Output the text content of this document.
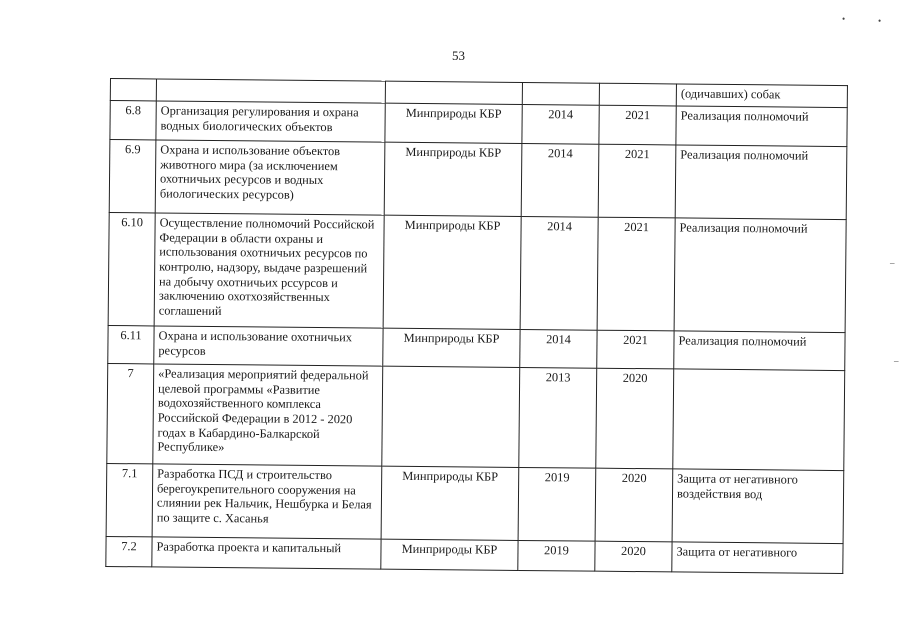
53
•	•
–
–
					(одичавших) собак
6.8	Организация регулирования и охрана водных биологических объектов	Минприроды КБР	2014	2021	Реализация полномочий
6.9	Охрана и использование объектов животного мира (за исключением охотничьих ресурсов и водных биологических ресурсов)	Минприроды КБР	2014	2021	Реализация полномочий
6.10	Осуществление полномочий Российской Федерации в области охраны и использования охотничьих ресурсов по контролю, надзору, выдаче разрешений на добычу охотничьих рссурсов и заключению охотхозяйственных соглашений	Минприроды КБР	2014	2021	Реализация полномочий
6.11	Охрана и использование охотничьих ресурсов	Минприроды КБР	2014	2021	Реализация полномочий
7	«Реализация мероприятий федеральной целевой программы «Развитие водохозяйственного комплекса Российской Федерации в 2012 - 2020 годах в Кабардино-Балкарской Республике»		2013	2020	
7.1	Разработка ПСД и строительство берегоукрепительного сооружения на слиянии рек Нальчик, Нешбурка и Белая по защите с. Хасанья	Минприроды КБР	2019	2020	Защита от негативного воздействия вод
7.2	Разработка проекта и капитальный	Минприроды КБР	2019	2020	Защита от негативного
